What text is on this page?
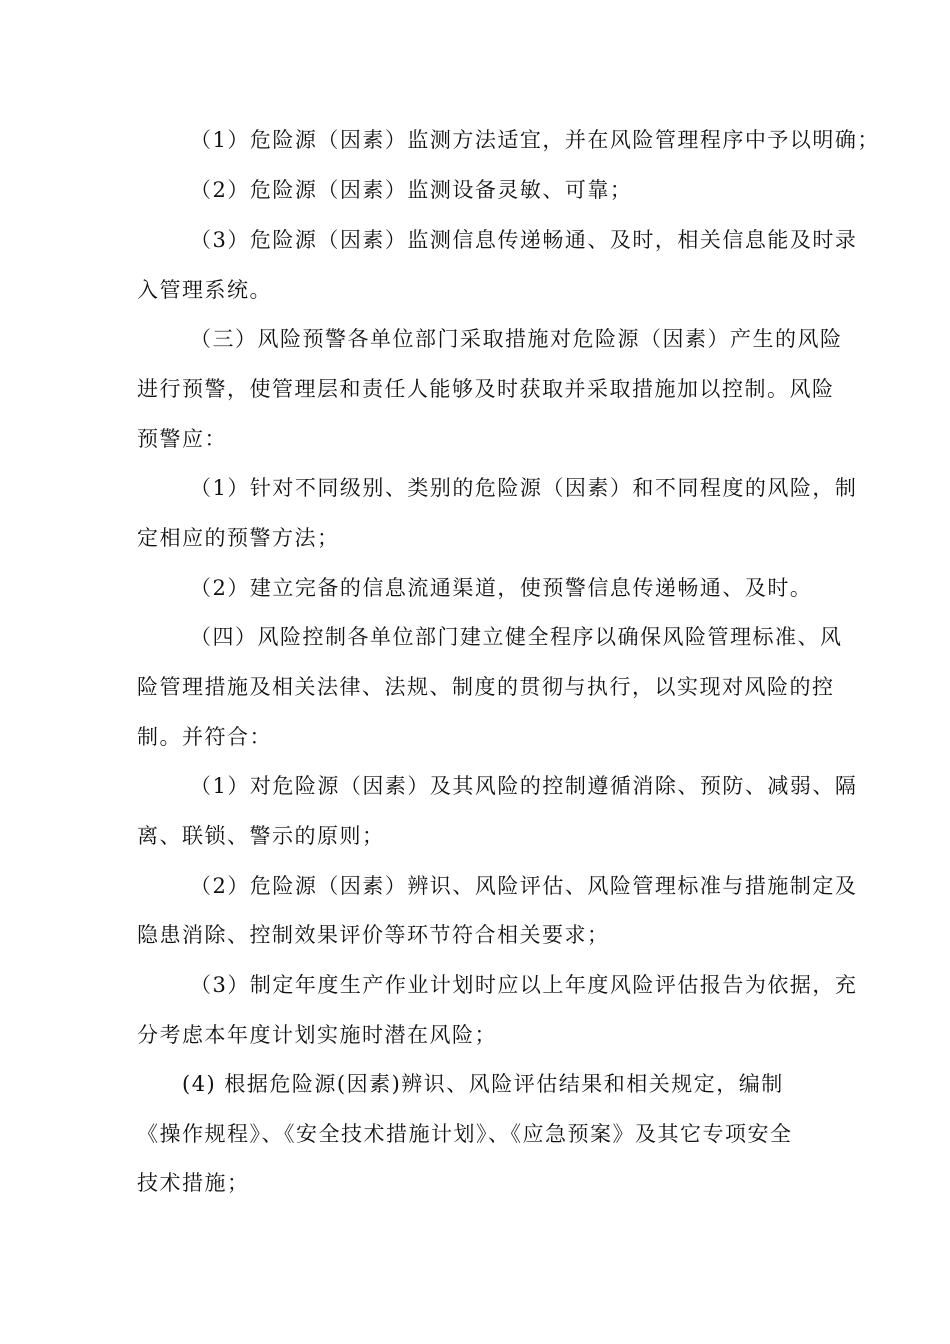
（1）危险源（因素）监测方法适宜，并在风险管理程序中予以明确；
（2）危险源（因素）监测设备灵敏、可靠；
（3）危险源（因素）监测信息传递畅通、及时，相关信息能及时录
入管理系统。
（三）风险预警各单位部门采取措施对危险源（因素）产生的风险
进行预警，使管理层和责任人能够及时获取并采取措施加以控制。风险
预警应：
（1）针对不同级别、类别的危险源（因素）和不同程度的风险，制
定相应的预警方法；
（2）建立完备的信息流通渠道，使预警信息传递畅通、及时。
（四）风险控制各单位部门建立健全程序以确保风险管理标准、风
险管理措施及相关法律、法规、制度的贯彻与执行，以实现对风险的控
制。并符合：
（1）对危险源（因素）及其风险的控制遵循消除、预防、减弱、隔
离、联锁、警示的原则；
（2）危险源（因素）辨识、风险评估、风险管理标准与措施制定及
隐患消除、控制效果评价等环节符合相关要求；
（3）制定年度生产作业计划时应以上年度风险评估报告为依据，充
分考虑本年度计划实施时潜在风险；
(4) 根据危险源(因素)辨识、风险评估结果和相关规定，编制
《操作规程》、《安全技术措施计划》、《应急预案》及其它专项安全
技术措施；
